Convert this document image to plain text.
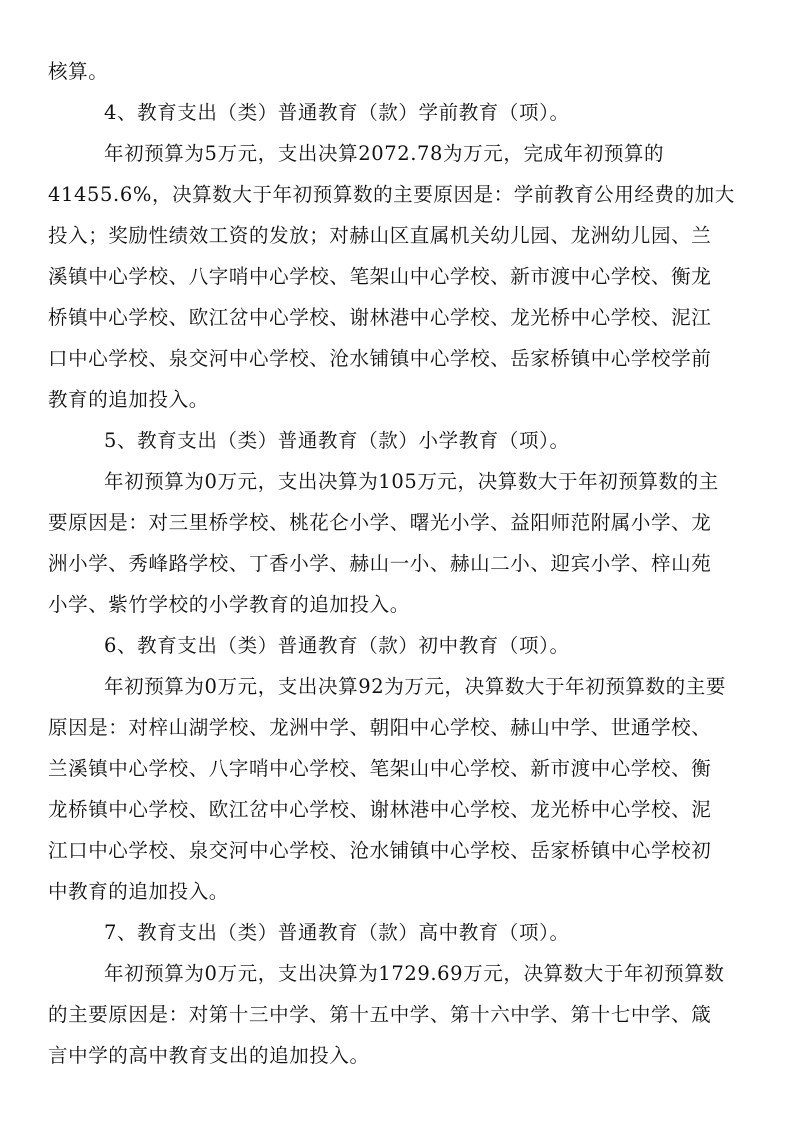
核算。
4、教育支出（类）普通教育（款）学前教育（项）。
年初预算为5万元，支出决算2072.78为万元，完成年初预算的
41455.6%，决算数大于年初预算数的主要原因是：学前教育公用经费的加大
投入；奖励性绩效工资的发放；对赫山区直属机关幼儿园、龙洲幼儿园、兰
溪镇中心学校、八字哨中心学校、笔架山中心学校、新市渡中心学校、衡龙
桥镇中心学校、欧江岔中心学校、谢林港中心学校、龙光桥中心学校、泥江
口中心学校、泉交河中心学校、沧水铺镇中心学校、岳家桥镇中心学校学前
教育的追加投入。
5、教育支出（类）普通教育（款）小学教育（项）。
年初预算为0万元，支出决算为105万元，决算数大于年初预算数的主
要原因是：对三里桥学校、桃花仑小学、曙光小学、益阳师范附属小学、龙
洲小学、秀峰路学校、丁香小学、赫山一小、赫山二小、迎宾小学、梓山苑
小学、紫竹学校的小学教育的追加投入。
6、教育支出（类）普通教育（款）初中教育（项）。
年初预算为0万元，支出决算92为万元，决算数大于年初预算数的主要
原因是：对梓山湖学校、龙洲中学、朝阳中心学校、赫山中学、世通学校、
兰溪镇中心学校、八字哨中心学校、笔架山中心学校、新市渡中心学校、衡
龙桥镇中心学校、欧江岔中心学校、谢林港中心学校、龙光桥中心学校、泥
江口中心学校、泉交河中心学校、沧水铺镇中心学校、岳家桥镇中心学校初
中教育的追加投入。
7、教育支出（类）普通教育（款）高中教育（项）。
年初预算为0万元，支出决算为1729.69万元，决算数大于年初预算数
的主要原因是：对第十三中学、第十五中学、第十六中学、第十七中学、箴
言中学的高中教育支出的追加投入。
